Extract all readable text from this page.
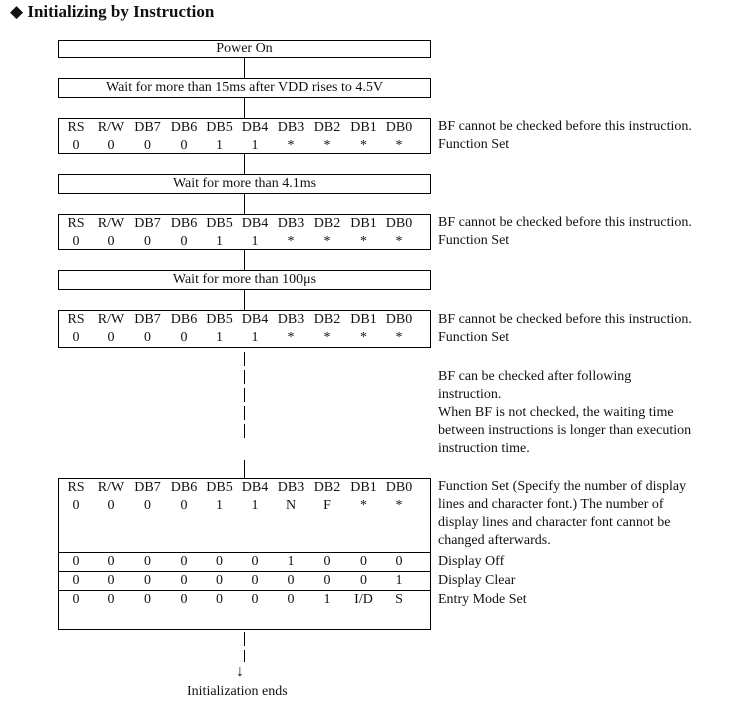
◆ Initializing by Instruction
Power On
Wait for more than 15ms after VDD rises to 4.5V
RS R/W DB7 DB6 DB5 DB4 DB3 DB2 DB1 DB0
0	0	0	0	1	1	*	*	*	*
BF cannot be checked before this instruction.
Function Set
Wait for more than 4.1ms
RS R/W DB7 DB6 DB5 DB4 DB3 DB2 DB1 DB0
0	0	0	0	1	1	*	*	*	*
BF cannot be checked before this instruction.
Function Set
Wait for more than 100μs
RS R/W DB7 DB6 DB5 DB4 DB3 DB2 DB1 DB0
0	0	0	0	1	1	*	*	*	*
BF cannot be checked before this instruction.
Function Set
BF can be checked after following
instruction.
When BF is not checked, the waiting time
between instructions is longer than execution
instruction time.
RS R/W DB7 DB6 DB5 DB4 DB3 DB2 DB1 DB0
0	0	0	0	1	1	N	F	*	*
0	0	0	0	0	0	1	0	0	0
0	0	0	0	0	0	0	0	0	1
0	0	0	0	0	0	0	1	I/D	S
Function Set (Specify the number of display
lines and character font.) The number of
display lines and character font cannot be
changed afterwards.
Display Off
Display Clear
Entry Mode Set
↓
Initialization ends
